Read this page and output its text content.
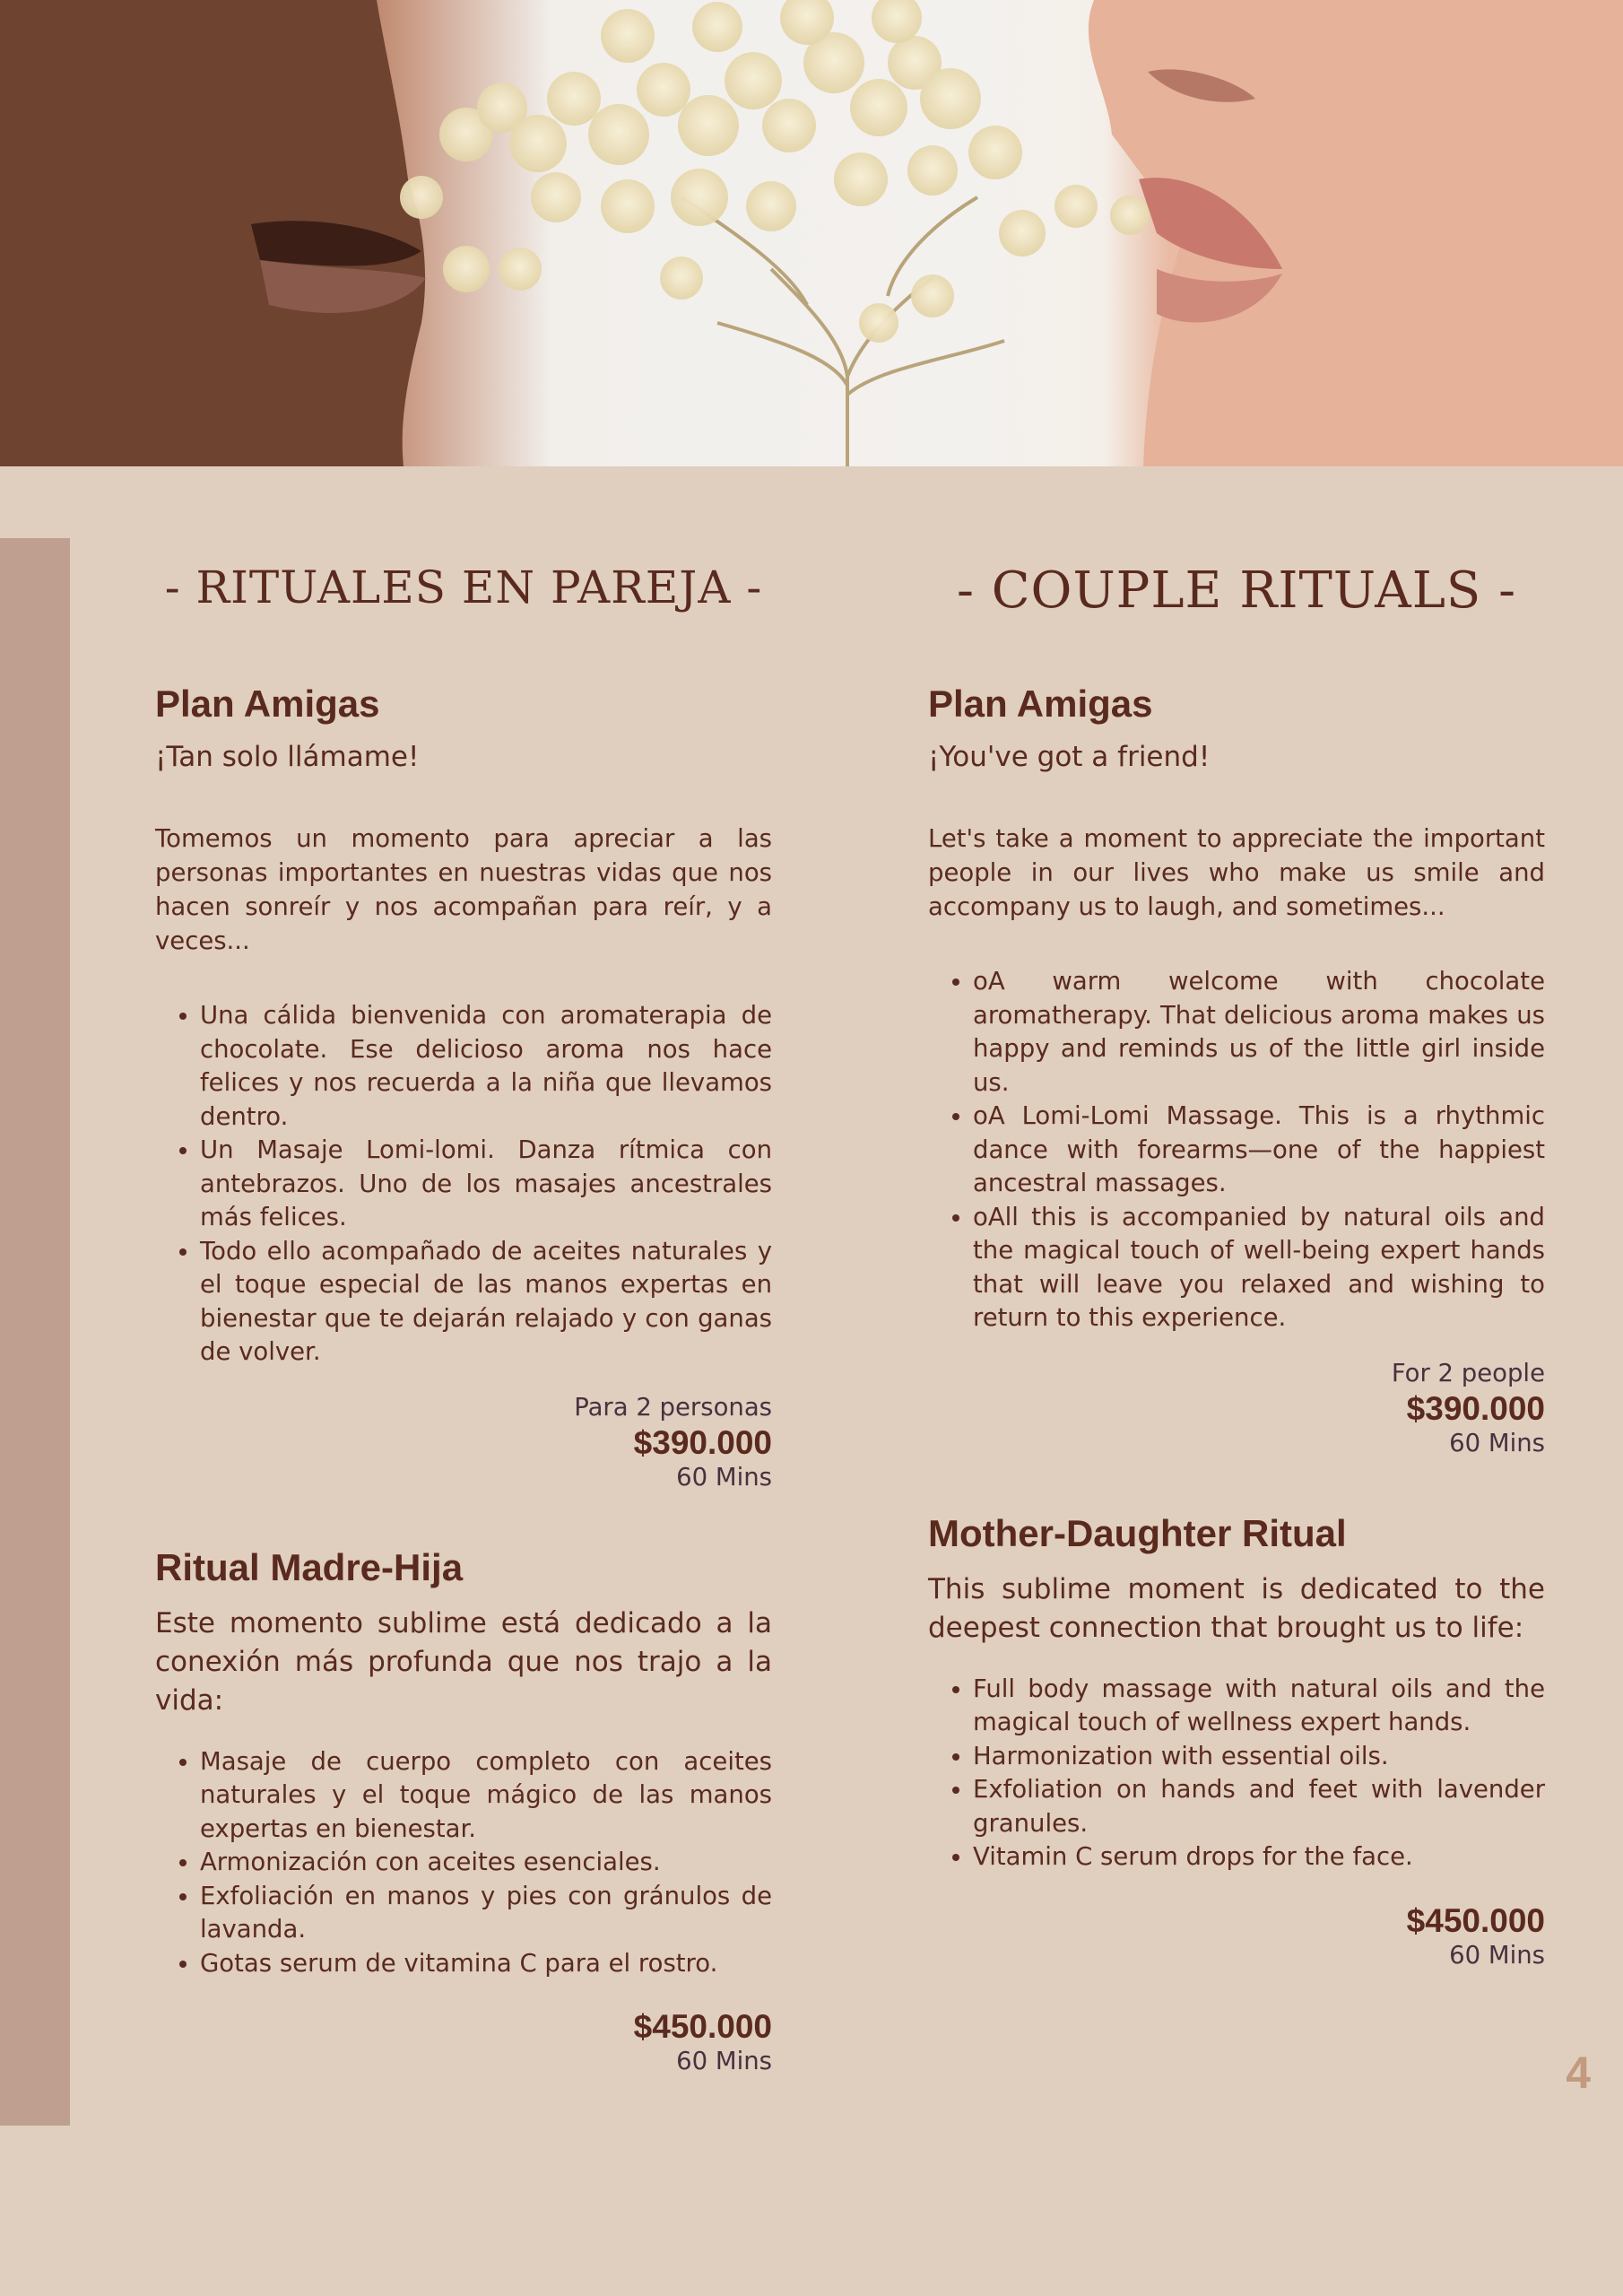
- RITUALES EN PAREJA -
Plan Amigas
¡Tan solo llámame!
Tomemos un momento para apreciar a las personas importantes en nuestras vidas que nos hacen sonreír y nos acompañan para reír, y a veces...
• Una cálida bienvenida con aromaterapia de chocolate. Ese delicioso aroma nos hace felices y nos recuerda a la niña que llevamos dentro.
• Un Masaje Lomi-lomi. Danza rítmica con antebrazos. Uno de los masajes ancestrales más felices.
• Todo ello acompañado de aceites naturales y el toque especial de las manos expertas en bienestar que te dejarán relajado y con ganas de volver.
Para 2 personas
$390.000
60 Mins
Ritual Madre-Hija
Este momento sublime está dedicado a la conexión más profunda que nos trajo a la vida:
• Masaje de cuerpo completo con aceites naturales y el toque mágico de las manos expertas en bienestar.
• Armonización con aceites esenciales.
• Exfoliación en manos y pies con gránulos de lavanda.
• Gotas serum de vitamina C para el rostro.
$450.000
60 Mins
- COUPLE RITUALS -
Plan Amigas
¡You've got a friend!
Let's take a moment to appreciate the important people in our lives who make us smile and accompany us to laugh, and sometimes...
• oA warm welcome with chocolate aromatherapy. That delicious aroma makes us happy and reminds us of the little girl inside us.
• oA Lomi-Lomi Massage. This is a rhythmic dance with forearms—one of the happiest ancestral massages.
• oAll this is accompanied by natural oils and the magical touch of well-being expert hands that will leave you relaxed and wishing to return to this experience.
For 2 people
$390.000
60 Mins
Mother-Daughter Ritual
This sublime moment is dedicated to the deepest connection that brought us to life:
• Full body massage with natural oils and the magical touch of wellness expert hands.
• Harmonization with essential oils.
• Exfoliation on hands and feet with lavender granules.
• Vitamin C serum drops for the face.
$450.000
60 Mins
4
